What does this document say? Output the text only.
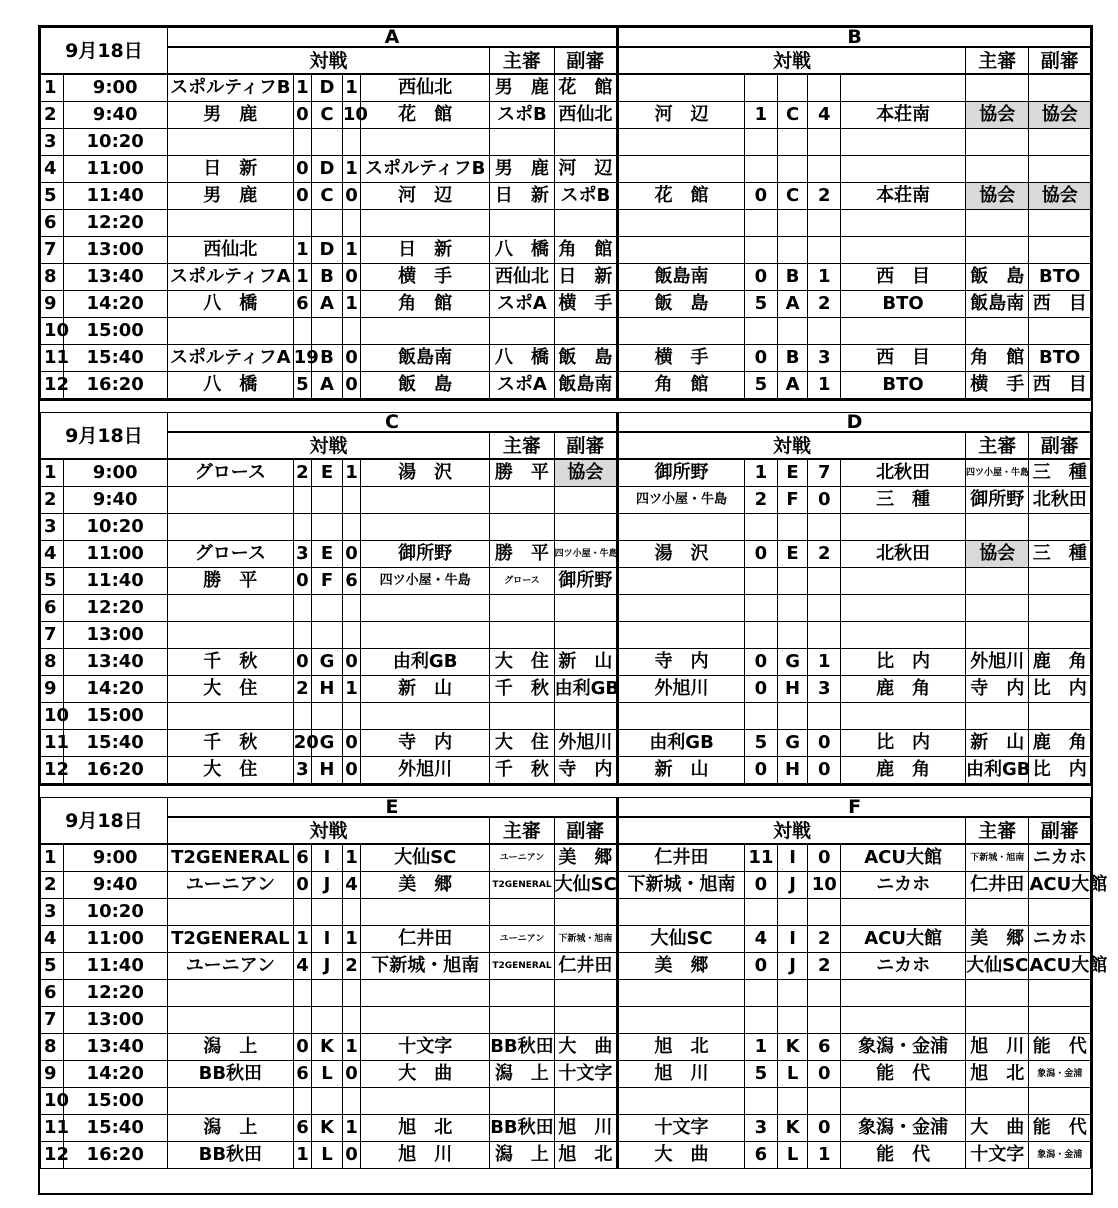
9月18日		A							B						
		対戦					主審	副審	対戦					主審	副審
1	9:00	スポルティフB	1	D	1	西仙北	男　鹿	花　館							
2	9:40	男　鹿	0	C	10	花　館	スポB	西仙北	河　辺	1	C	4	本荘南	協会	協会
3	10:20														
4	11:00	日　新	0	D	1	スポルティフB	男　鹿	河　辺							
5	11:40	男　鹿	0	C	0	河　辺	日　新	スポB	花　館	0	C	2	本荘南	協会	協会
6	12:20														
7	13:00	西仙北	1	D	1	日　新	八　橋	角　館							
8	13:40	スポルティフA	1	B	0	横　手	西仙北	日　新	飯島南	0	B	1	西　目	飯　島	BTO
9	14:20	八　橋	6	A	1	角　館	スポA	横　手	飯　島	5	A	2	BTO	飯島南	西　目
10	15:00														
11	15:40	スポルティフA	19	B	0	飯島南	八　橋	飯　島	横　手	0	B	3	西　目	角　館	BTO
12	16:20	八　橋	5	A	0	飯　島	スポA	飯島南	角　館	5	A	1	BTO	横　手	西　目
9月18日		C							D						
		対戦					主審	副審	対戦					主審	副審
1	9:00	グロース	2	E	1	湯　沢	勝　平	協会	御所野	1	E	7	北秋田	四ツ小屋・牛島	三　種
2	9:40								四ツ小屋・牛島	2	F	0	三　種	御所野	北秋田
3	10:20														
4	11:00	グロース	3	E	0	御所野	勝　平	四ツ小屋・牛島	湯　沢	0	E	2	北秋田	協会	三　種
5	11:40	勝　平	0	F	6	四ツ小屋・牛島	グロース	御所野							
6	12:20														
7	13:00														
8	13:40	千　秋	0	G	0	由利GB	大　住	新　山	寺　内	0	G	1	比　内	外旭川	鹿　角
9	14:20	大　住	2	H	1	新　山	千　秋	由利GB	外旭川	0	H	3	鹿　角	寺　内	比　内
10	15:00														
11	15:40	千　秋	20	G	0	寺　内	大　住	外旭川	由利GB	5	G	0	比　内	新　山	鹿　角
12	16:20	大　住	3	H	0	外旭川	千　秋	寺　内	新　山	0	H	0	鹿　角	由利GB	比　内
9月18日		E							F						
		対戦					主審	副審	対戦					主審	副審
1	9:00	T2GENERAL	6	I	1	大仙SC	ユーニアン	美　郷	仁井田	11	I	0	ACU大館	下新城・旭南	ニカホ
2	9:40	ユーニアン	0	J	4	美　郷	T2GENERAL	大仙SC	下新城・旭南	0	J	10	ニカホ	仁井田	ACU大館
3	10:20														
4	11:00	T2GENERAL	1	I	1	仁井田	ユーニアン	下新城・旭南	大仙SC	4	I	2	ACU大館	美　郷	ニカホ
5	11:40	ユーニアン	4	J	2	下新城・旭南	T2GENERAL	仁井田	美　郷	0	J	2	ニカホ	大仙SC	ACU大館
6	12:20														
7	13:00														
8	13:40	潟　上	0	K	1	十文字	BB秋田	大　曲	旭　北	1	K	6	象潟・金浦	旭　川	能　代
9	14:20	BB秋田	6	L	0	大　曲	潟　上	十文字	旭　川	5	L	0	能　代	旭　北	象潟・金浦
10	15:00														
11	15:40	潟　上	6	K	1	旭　北	BB秋田	旭　川	十文字	3	K	0	象潟・金浦	大　曲	能　代
12	16:20	BB秋田	1	L	0	旭　川	潟　上	旭　北	大　曲	6	L	1	能　代	十文字	象潟・金浦
